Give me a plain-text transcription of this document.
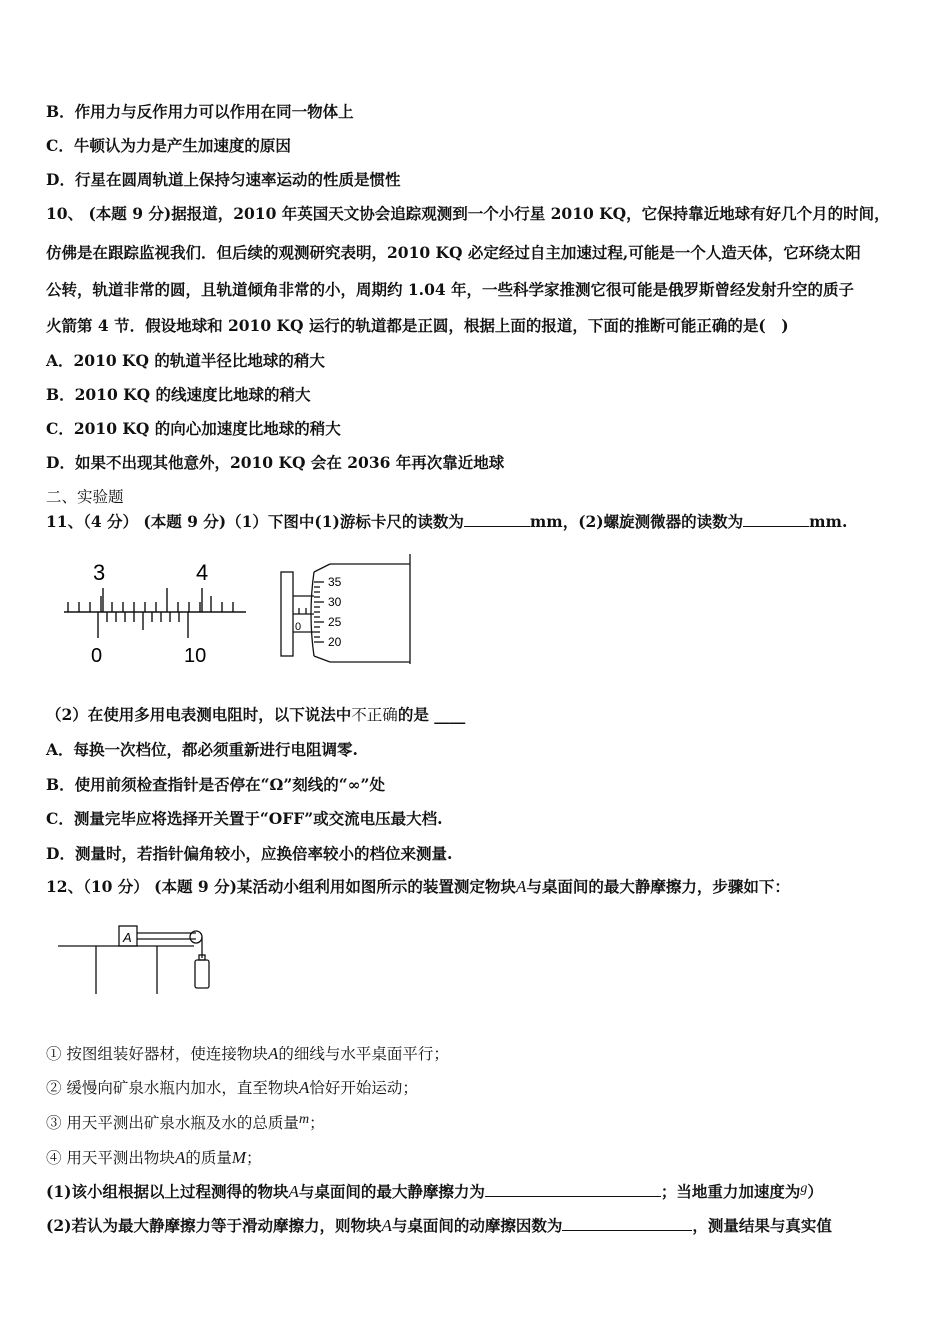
B．作用力与反作用力可以作用在同一物体上
C．牛顿认为力是产生加速度的原因
D．行星在圆周轨道上保持匀速率运动的性质是惯性
10、 (本题 9 分)据报道，2010 年英国天文协会追踪观测到一个小行星 2010 KQ，它保持靠近地球有好几个月的时间，
仿佛是在跟踪监视我们．但后续的观测研究表明，2010 KQ 必定经过自主加速过程,可能是一个人造天体，它环绕太阳
公转，轨道非常的圆，且轨道倾角非常的小，周期约 1.04 年，一些科学家推测它很可能是俄罗斯曾经发射升空的质子
火箭第 4 节．假设地球和 2010 KQ 运行的轨道都是正圆，根据上面的报道，下面的推断可能正确的是(　)
A．2010 KQ 的轨道半径比地球的稍大
B．2010 KQ 的线速度比地球的稍大
C．2010 KQ 的向心加速度比地球的稍大
D．如果不出现其他意外，2010 KQ 会在 2036 年再次靠近地球
二、实验题
11、（4 分） (本题 9 分)（1）下图中(1)游标卡尺的读数为	mm，(2)螺旋测微器的读数为	mm.
3	4
0	10
35
30
25
20
0
（2）在使用多用电表测电阻时，以下说法中不正确的是 ____
A．每换一次档位，都必须重新进行电阻调零.
B．使用前须检查指针是否停在“Ω”刻线的“∞”处
C．测量完毕应将选择开关置于“OFF”或交流电压最大档.
D．测量时，若指针偏角较小，应换倍率较小的档位来测量.
12、（10 分） (本题 9 分)某活动小组利用如图所示的装置测定物块A与桌面间的最大静摩擦力，步骤如下：
A
① 按图组装好器材，使连接物块A的细线与水平桌面平行；
② 缓慢向矿泉水瓶内加水，直至物块A恰好开始运动；
③ 用天平测出矿泉水瓶及水的总质量m；
④ 用天平测出物块A的质量M；
(1)该小组根据以上过程测得的物块A与桌面间的最大静摩擦力为	；当地重力加速度为g）
(2)若认为最大静摩擦力等于滑动摩擦力，则物块A与桌面间的动摩擦因数为	，测量结果与真实值
